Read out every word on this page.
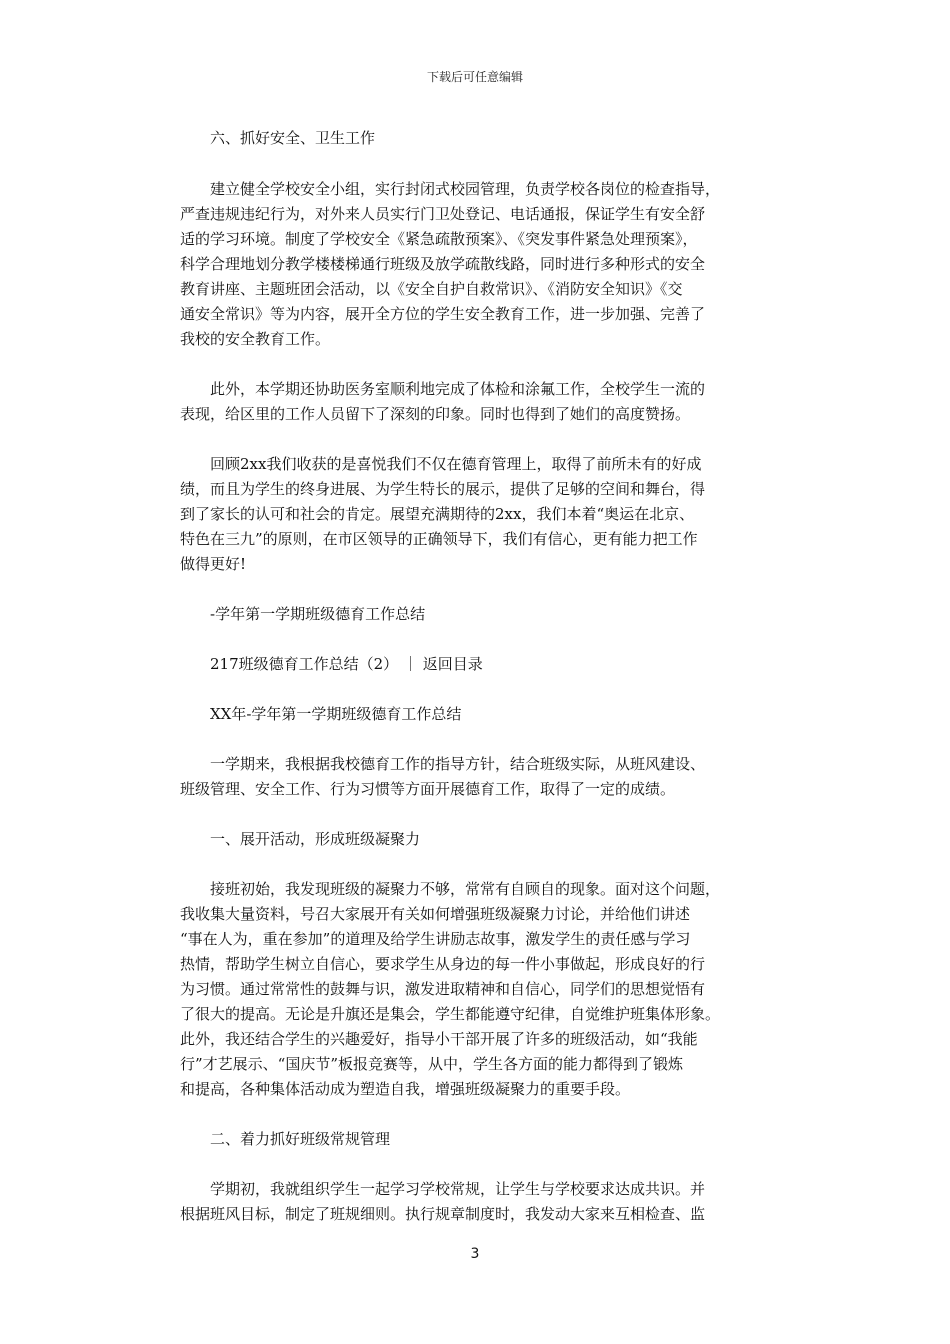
下载后可任意编辑
　　六、抓好安全、卫生工作
　　建立健全学校安全小组，实行封闭式校园管理，负责学校各岗位的检查指导，
严查违规违纪行为，对外来人员实行门卫处登记、电话通报，保证学生有安全舒
适的学习环境。制度了学校安全《紧急疏散预案》、《突发事件紧急处理预案》，
科学合理地划分教学楼楼梯通行班级及放学疏散线路，同时进行多种形式的安全
教育讲座、主题班团会活动，以《安全自护自救常识》、《消防安全知识》《交
通安全常识》等为内容，展开全方位的学生安全教育工作，进一步加强、完善了
我校的安全教育工作。
　　此外，本学期还协助医务室顺利地完成了体检和涂氟工作，全校学生一流的
表现，给区里的工作人员留下了深刻的印象。同时也得到了她们的高度赞扬。
　　回顾2xx我们收获的是喜悦我们不仅在德育管理上，取得了前所未有的好成
绩，而且为学生的终身进展、为学生特长的展示，提供了足够的空间和舞台，得
到了家长的认可和社会的肯定。展望充满期待的2xx，我们本着“奥运在北京、
特色在三九”的原则，在市区领导的正确领导下，我们有信心，更有能力把工作
做得更好!
　　-学年第一学期班级德育工作总结
　　217班级德育工作总结（2） ｜ 返回目录
　　XX年-学年第一学期班级德育工作总结
　　一学期来，我根据我校德育工作的指导方针，结合班级实际，从班风建设、
班级管理、安全工作、行为习惯等方面开展德育工作，取得了一定的成绩。
　　一、展开活动，形成班级凝聚力
　　接班初始，我发现班级的凝聚力不够，常常有自顾自的现象。面对这个问题，
我收集大量资料，号召大家展开有关如何增强班级凝聚力讨论，并给他们讲述
“事在人为，重在参加”的道理及给学生讲励志故事，激发学生的责任感与学习
热情，帮助学生树立自信心，要求学生从身边的每一件小事做起，形成良好的行
为习惯。通过常常性的鼓舞与识，激发进取精神和自信心，同学们的思想觉悟有
了很大的提高。无论是升旗还是集会，学生都能遵守纪律，自觉维护班集体形象。
此外，我还结合学生的兴趣爱好，指导小干部开展了许多的班级活动，如“我能
行”才艺展示、“国庆节”板报竞赛等，从中，学生各方面的能力都得到了锻炼
和提高，各种集体活动成为塑造自我，增强班级凝聚力的重要手段。
　　二、着力抓好班级常规管理
　　学期初，我就组织学生一起学习学校常规，让学生与学校要求达成共识。并
根据班风目标，制定了班规细则。执行规章制度时，我发动大家来互相检查、监
3
